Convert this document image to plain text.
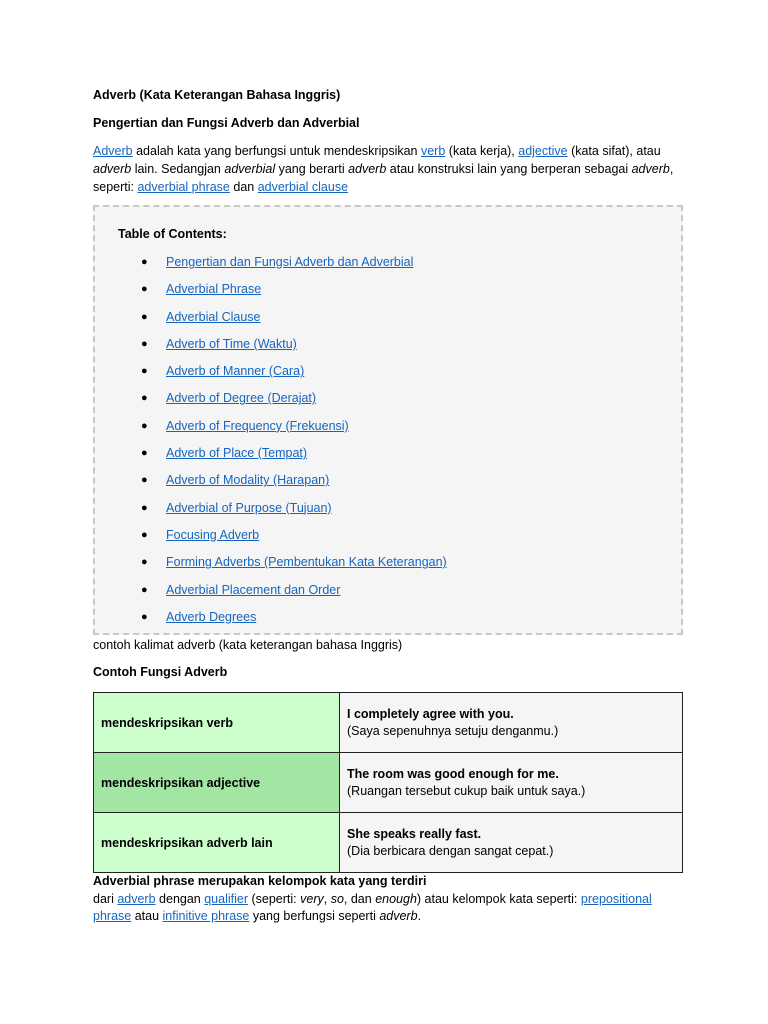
Adverb (Kata Keterangan Bahasa Inggris)
Pengertian dan Fungsi Adverb dan Adverbial
Adverb adalah kata yang berfungsi untuk mendeskripsikan verb (kata kerja), adjective (kata sifat), atau adverb lain. Sedangjan adverbial yang berarti adverb atau konstruksi lain yang berperan sebagai adverb, seperti: adverbial phrase dan adverbial clause
Table of Contents:
● Pengertian dan Fungsi Adverb dan Adverbial
● Adverbial Phrase
● Adverbial Clause
● Adverb of Time (Waktu)
● Adverb of Manner (Cara)
● Adverb of Degree (Derajat)
● Adverb of Frequency (Frekuensi)
● Adverb of Place (Tempat)
● Adverb of Modality (Harapan)
● Adverbial of Purpose (Tujuan)
● Focusing Adverb
● Forming Adverbs (Pembentukan Kata Keterangan)
● Adverbial Placement dan Order
● Adverb Degrees
contoh kalimat adverb (kata keterangan bahasa Inggris)
Contoh Fungsi Adverb
mendeskripsikan verb	I completely agree with you.
(Saya sepenuhnya setuju denganmu.)

mendeskripsikan adjective	The room was good enough for me.
(Ruangan tersebut cukup baik untuk saya.)

mendeskripsikan adverb lain	She speaks really fast.
(Dia berbicara dengan sangat cepat.)
Adverbial phrase merupakan kelompok kata yang terdiri
dari adverb dengan qualifier (seperti: very, so, dan enough) atau kelompok kata seperti: prepositional phrase atau infinitive phrase yang berfungsi seperti adverb.
